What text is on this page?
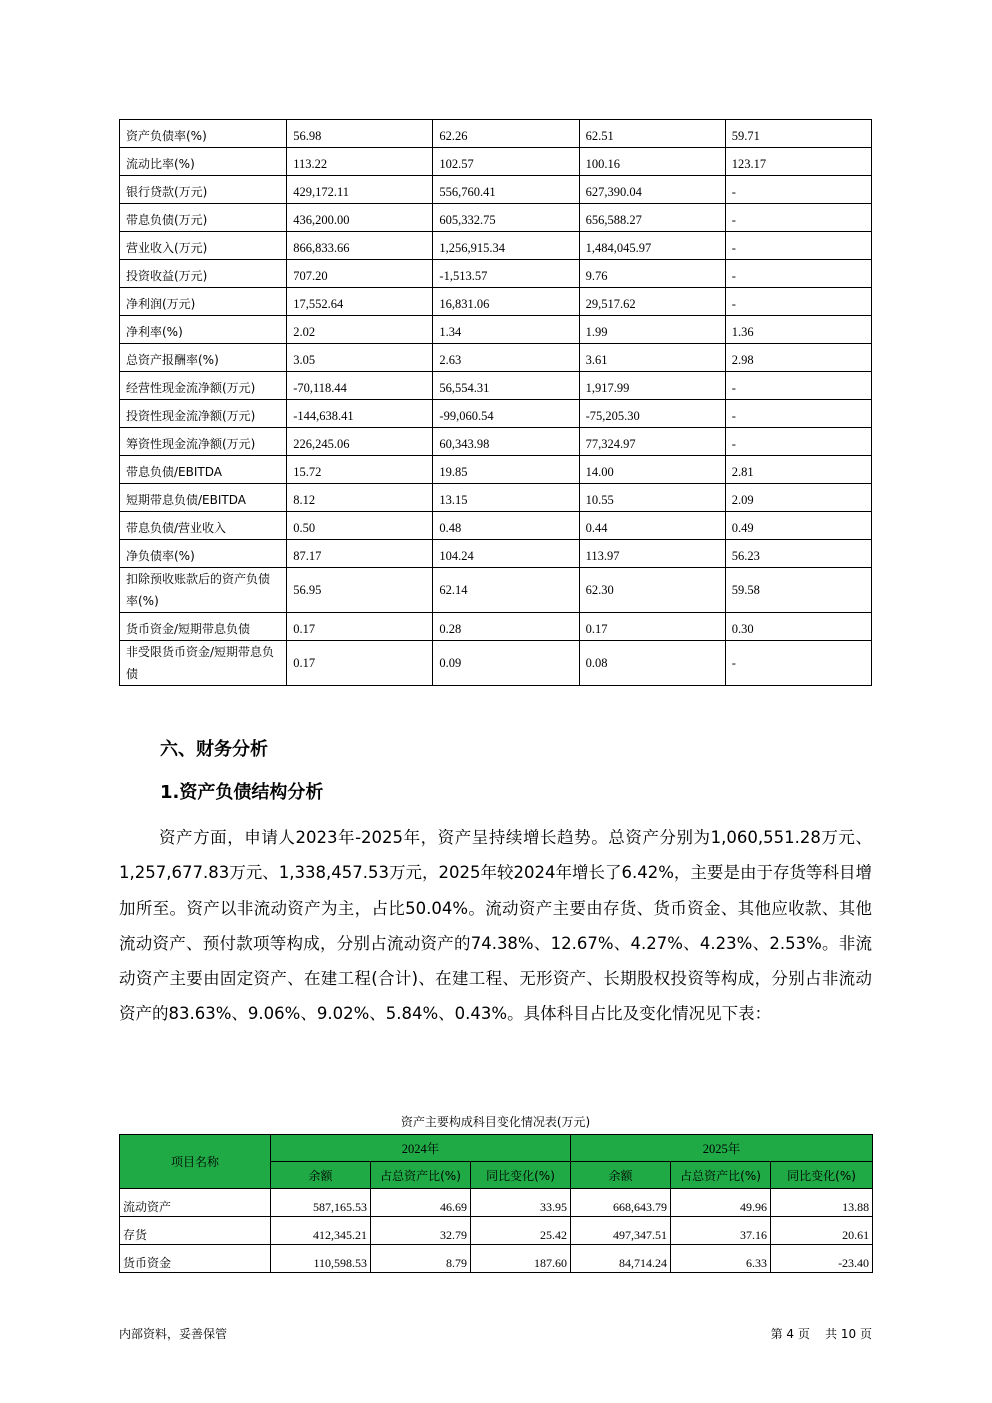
资产负债率(%)	56.98	62.26	62.51	59.71
流动比率(%)	113.22	102.57	100.16	123.17
银行贷款(万元)	429,172.11	556,760.41	627,390.04	-
带息负债(万元)	436,200.00	605,332.75	656,588.27	-
营业收入(万元)	866,833.66	1,256,915.34	1,484,045.97	-
投资收益(万元)	707.20	-1,513.57	9.76	-
净利润(万元)	17,552.64	16,831.06	29,517.62	-
净利率(%)	2.02	1.34	1.99	1.36
总资产报酬率(%)	3.05	2.63	3.61	2.98
经营性现金流净额(万元)	-70,118.44	56,554.31	1,917.99	-
投资性现金流净额(万元)	-144,638.41	-99,060.54	-75,205.30	-
筹资性现金流净额(万元)	226,245.06	60,343.98	77,324.97	-
带息负债/EBITDA	15.72	19.85	14.00	2.81
短期带息负债/EBITDA	8.12	13.15	10.55	2.09
带息负债/营业收入	0.50	0.48	0.44	0.49
净负债率(%)	87.17	104.24	113.97	56.23
扣除预收账款后的资产负债率(%)	56.95	62.14	62.30	59.58
货币资金/短期带息负债	0.17	0.28	0.17	0.30
非受限货币资金/短期带息负债	0.17	0.09	0.08	-
六、财务分析
1.资产负债结构分析

资产方面，申请人2023年-2025年，资产呈持续增长趋势。总资产分别为1,060,551.28万元、1,257,677.83万元、1,338,457.53万元，2025年较2024年增长了6.42%，主要是由于存货等科目增加所至。资产以非流动资产为主，占比50.04%。流动资产主要由存货、货币资金、其他应收款、其他流动资产、预付款项等构成，分别占流动资产的74.38%、12.67%、4.27%、4.23%、2.53%。非流动资产主要由固定资产、在建工程(合计)、在建工程、无形资产、长期股权投资等构成，分别占非流动资产的83.63%、9.06%、9.02%、5.84%、0.43%。具体科目占比及变化情况见下表：

资产主要构成科目变化情况表(万元)
项目名称	2024年			2025年		
	余额	占总资产比(%)	同比变化(%)	余额	占总资产比(%)	同比变化(%)
流动资产	587,165.53	46.69	33.95	668,643.79	49.96	13.88
存货	412,345.21	32.79	25.42	497,347.51	37.16	20.61
货币资金	110,598.53	8.79	187.60	84,714.24	6.33	-23.40
内部资料，妥善保管	第 4 页    共 10 页
